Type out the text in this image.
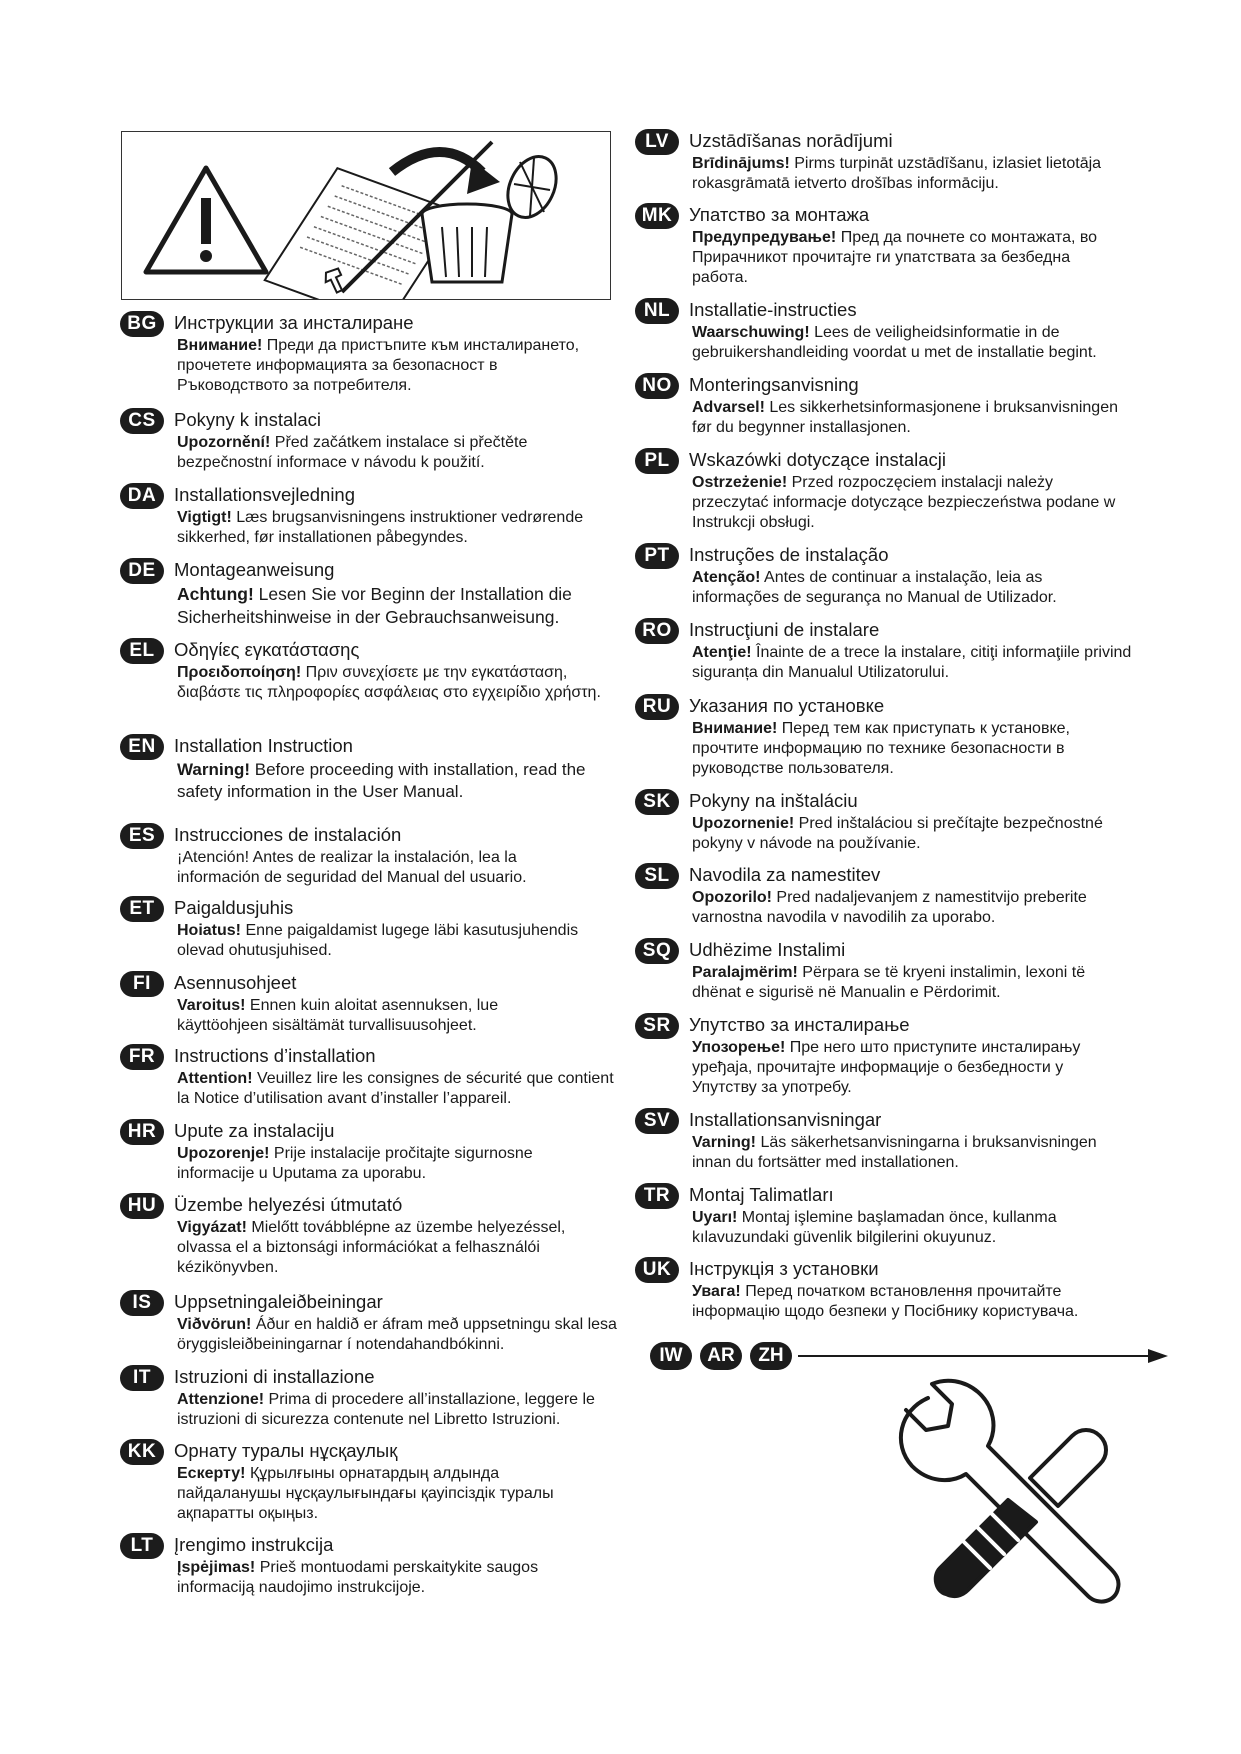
BG Инструкции за инсталиране
Внимание! Преди да пристъпите към инсталирането, прочетете информацията за безопасност в Ръководството за потребителя.
CS Pokyny k instalaci
Upozornění! Před začátkem instalace si přečtěte bezpečnostní informace v návodu k použití.
DA Installationsvejledning
Vigtigt! Læs brugsanvisningens instruktioner vedrørende sikkerhed, før installationen påbegyndes.
DE Montageanweisung
Achtung! Lesen Sie vor Beginn der Installation die Sicherheitshinweise in der Gebrauchsanweisung.
EL	Οδηγίες εγκατάστασης
Προειδοποίηση! Πριν συνεχίσετε με την εγκατάσταση, διαβάστε τις πληροφορίες ασφάλειας στο εγχειρίδιο χρήστη.
EN Installation Instruction
Warning! Before proceeding with installation, read the safety information in the User Manual.
ES	Instrucciones de instalación
¡Atención! Antes de realizar la instalación, lea la información de seguridad del Manual del usuario.
ET	Paigaldusjuhis
Hoiatus! Enne paigaldamist lugege läbi kasutusjuhendis olevad ohutusjuhised.
FI	Asennusohjeet
Varoitus! Ennen kuin aloitat asennuksen, lue käyttöohjeen sisältämät turvallisuusohjeet.
FR	Instructions d’installation
Attention! Veuillez lire les consignes de sécurité que contient la Notice d’utilisation avant d’installer l’appareil.
HR Upute za instalaciju
Upozorenje! Prije instalacije pročitajte sigurnosne informacije u Uputama za uporabu.
HU Üzembe helyezési útmutató
Vigyázat! Mielőtt továbblépne az üzembe helyezéssel, olvassa el a biztonsági információkat a felhasználói kézikönyvben.
IS	Uppsetningaleiðbeiningar
Viðvörun! Áður en haldið er áfram með uppsetningu skal lesa öryggisleiðbeiningarnar í notendahandbókinni.
IT	Istruzioni di installazione
Attenzione! Prima di procedere all’installazione, leggere le istruzioni di sicurezza contenute nel Libretto Istruzioni.
KK Орнату туралы нұсқаулық
Ескерту! Құрылғыны орнатардың алдында пайдаланушы нұсқаулығындағы қауіпсіздік туралы ақпаратты оқыңыз.
LT	Įrengimo instrukcija
Įspėjimas! Prieš montuodami perskaitykite saugos informaciją naudojimo instrukcijoje.
LV	Uzstādīšanas norādījumi
Brīdinājums! Pirms turpināt uzstādīšanu, izlasiet lietotāja rokasgrāmatā ietverto drošības informāciju.
MK Упатство за монтажа
Предупредување! Пред да почнете со монтажата, во Прирачникот прочитајте ги упатствата за безбедна работа.
NL	Installatie-instructies
Waarschuwing! Lees de veiligheidsinformatie in de gebruikershandleiding voordat u met de installatie begint.
NO Monteringsanvisning
Advarsel! Les sikkerhetsinformasjonene i bruksanvisningen før du begynner installasjonen.
PL	Wskazówki dotyczące instalacji
Ostrzeżenie! Przed rozpoczęciem instalacji należy przeczytać informacje dotyczące bezpieczeństwa podane w Instrukcji obsługi.
PT	Instruções de instalação
Atenção! Antes de continuar a instalação, leia as informações de segurança no Manual de Utilizador.
RO Instrucţiuni de instalare
Atenţie! Înainte de a trece la instalare, citiţi informaţiile privind siguranța din Manualul Utilizatorului.
RU Указания по установке
Внимание! Перед тем как приступать к установке, прочтите информацию по технике безопасности в руководстве пользователя.
SK Pokyny na inštaláciu
Upozornenie! Pred inštaláciou si prečítajte bezpečnostné pokyny v návode na používanie.
SL	Navodila za namestitev
Opozorilo! Pred nadaljevanjem z namestitvijo preberite varnostna navodila v navodilih za uporabo.
SQ Udhëzime Instalimi
Paralajmërim! Përpara se të kryeni instalimin, lexoni të dhënat e sigurisë në Manualin e Përdorimit.
SR Упутство за инсталирање
Упозорење! Пре него што приступите инсталирању уређаја, прочитајте информације о безбедности у Упутству за употребу.
SV	Installationsanvisningar
Varning! Läs säkerhetsanvisningarna i bruksanvisningen innan du fortsätter med installationen.
TR	Montaj Talimatları
Uyarı! Montaj işlemine başlamadan önce, kullanma kılavuzundaki güvenlik bilgilerini okuyunuz.
UK Інструкція з установки
Увага! Перед початком встановлення прочитайте інформацію щодо безпеки у Посібнику користувача.
IW	AR	ZH
